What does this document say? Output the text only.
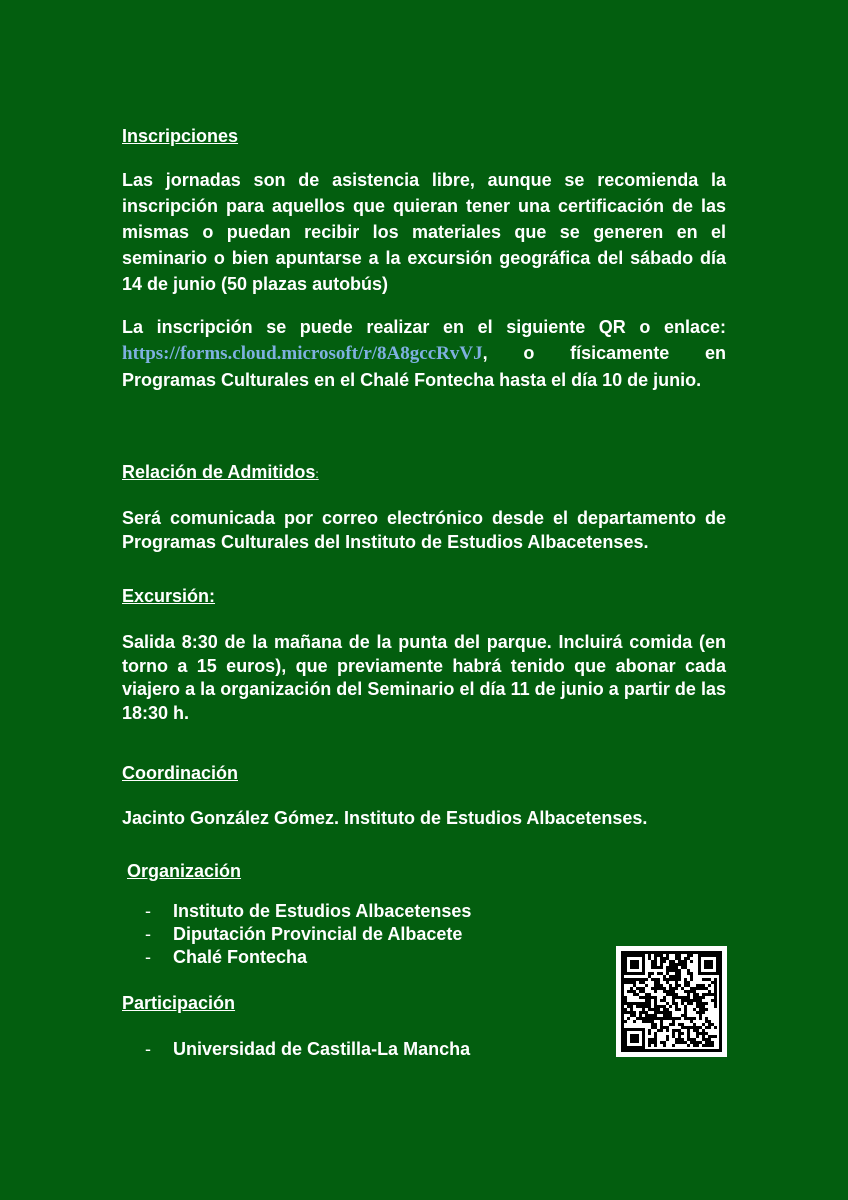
Inscripciones
Las jornadas son de asistencia libre, aunque se recomienda la inscripción para aquellos que quieran tener una certificación de las mismas o puedan recibir los materiales que se generen en el seminario o bien apuntarse a la excursión geográfica del sábado día 14 de junio (50 plazas autobús)
La inscripción se puede realizar en el siguiente QR o enlace: https://forms.cloud.microsoft/r/8A8gccRvVJ, o físicamente en Programas Culturales en el Chalé Fontecha hasta el día 10 de junio.
Relación de Admitidos:
Será comunicada por correo electrónico desde el departamento de Programas Culturales del Instituto de Estudios Albacetenses.
Excursión:
Salida 8:30 de la mañana de la punta del parque. Incluirá comida (en torno a 15 euros), que previamente habrá tenido que abonar cada viajero a la organización del Seminario el día 11 de junio a partir de las 18:30 h.
Coordinación
Jacinto González Gómez. Instituto de Estudios Albacetenses.
Organización
- Instituto de Estudios Albacetenses
- Diputación Provincial de Albacete
- Chalé Fontecha
Participación
- Universidad de Castilla-La Mancha
